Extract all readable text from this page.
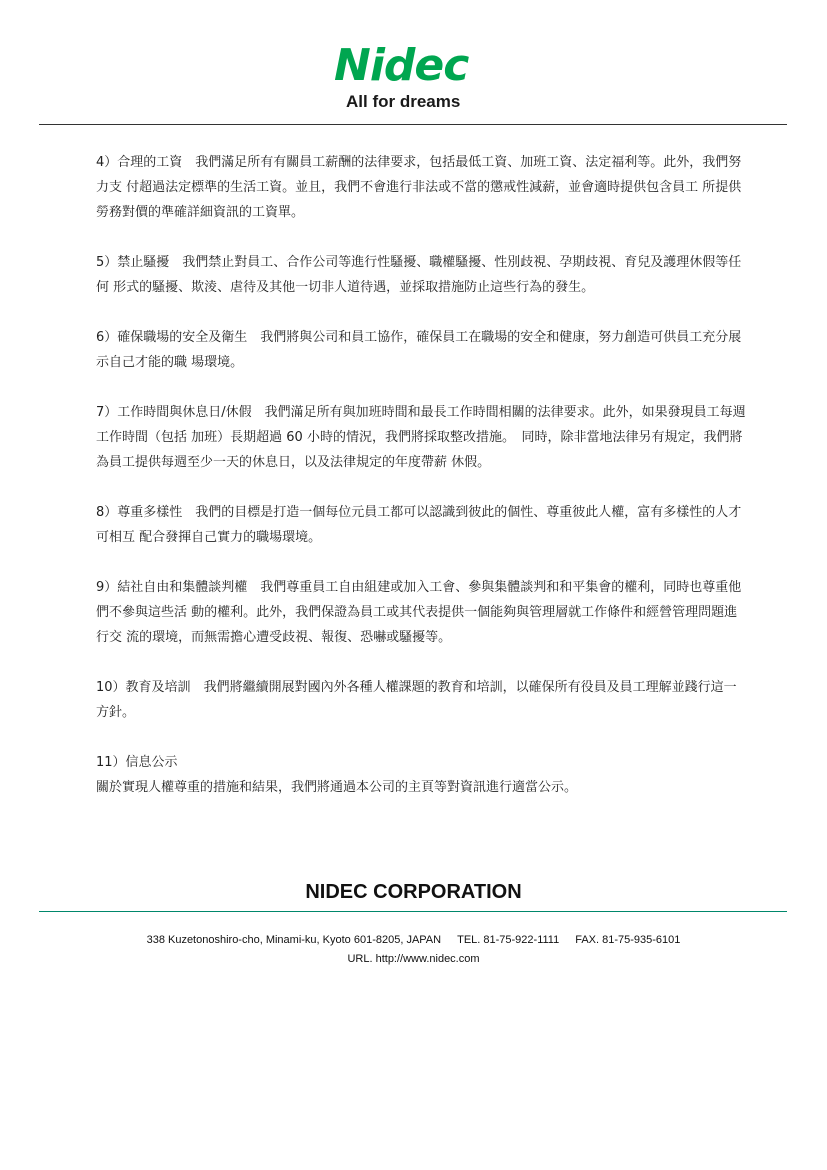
Nidec
All for dreams

4）合理的工資　 我們滿足所有有關員工薪酬的法律要求，包括最低工資、加班工資、法定福利等。此外，我們努力支 付超過法定標準的生活工資。並且，我們不會進行非法或不當的懲戒性減薪，並會適時提供包含員工 所提供勞務對價的準確詳細資訊的工資單。

5）禁止騷擾　 我們禁止對員工、合作公司等進行性騷擾、職權騷擾、性別歧視、孕期歧視、育兒及護理休假等任何 形式的騷擾、欺淩、虐待及其他一切非人道待遇，並採取措施防止這些行為的發生。

6）確保職場的安全及衛生　 我們將與公司和員工協作，確保員工在職場的安全和健康，努力創造可供員工充分展示自己才能的職 場環境。

7）工作時間與休息日/休假　 我們滿足所有與加班時間和最長工作時間相關的法律要求。此外，如果發現員工每週工作時間（包括 加班）長期超過 60 小時的情況，我們將採取整改措施。　同時，除非當地法律另有規定，我們將為員工提供每週至少一天的休息日，以及法律規定的年度帶薪 休假。

8）尊重多樣性　 我們的目標是打造一個每位元員工都可以認識到彼此的個性、尊重彼此人權，富有多樣性的人才可相互 配合發揮自己實力的職場環境。

9）結社自由和集體談判權　 我們尊重員工自由組建或加入工會、參與集體談判和和平集會的權利，同時也尊重他們不參與這些活 動的權利。此外，我們保證為員工或其代表提供一個能夠與管理層就工作條件和經營管理問題進行交 流的環境，而無需擔心遭受歧視、報復、恐嚇或騷擾等。

10）教育及培訓　 我們將繼續開展對國內外各種人權課題的教育和培訓，以確保所有役員及員工理解並踐行這一方針。

11）信息公示
關於實現人權尊重的措施和結果，我們將通過本公司的主頁等對資訊進行適當公示。

NIDEC CORPORATION
338 Kuzetonoshiro-cho, Minami-ku, Kyoto 601-8205, JAPAN TEL. 81-75-922-1111 FAX. 81-75-935-6101
URL. http://www.nidec.com
